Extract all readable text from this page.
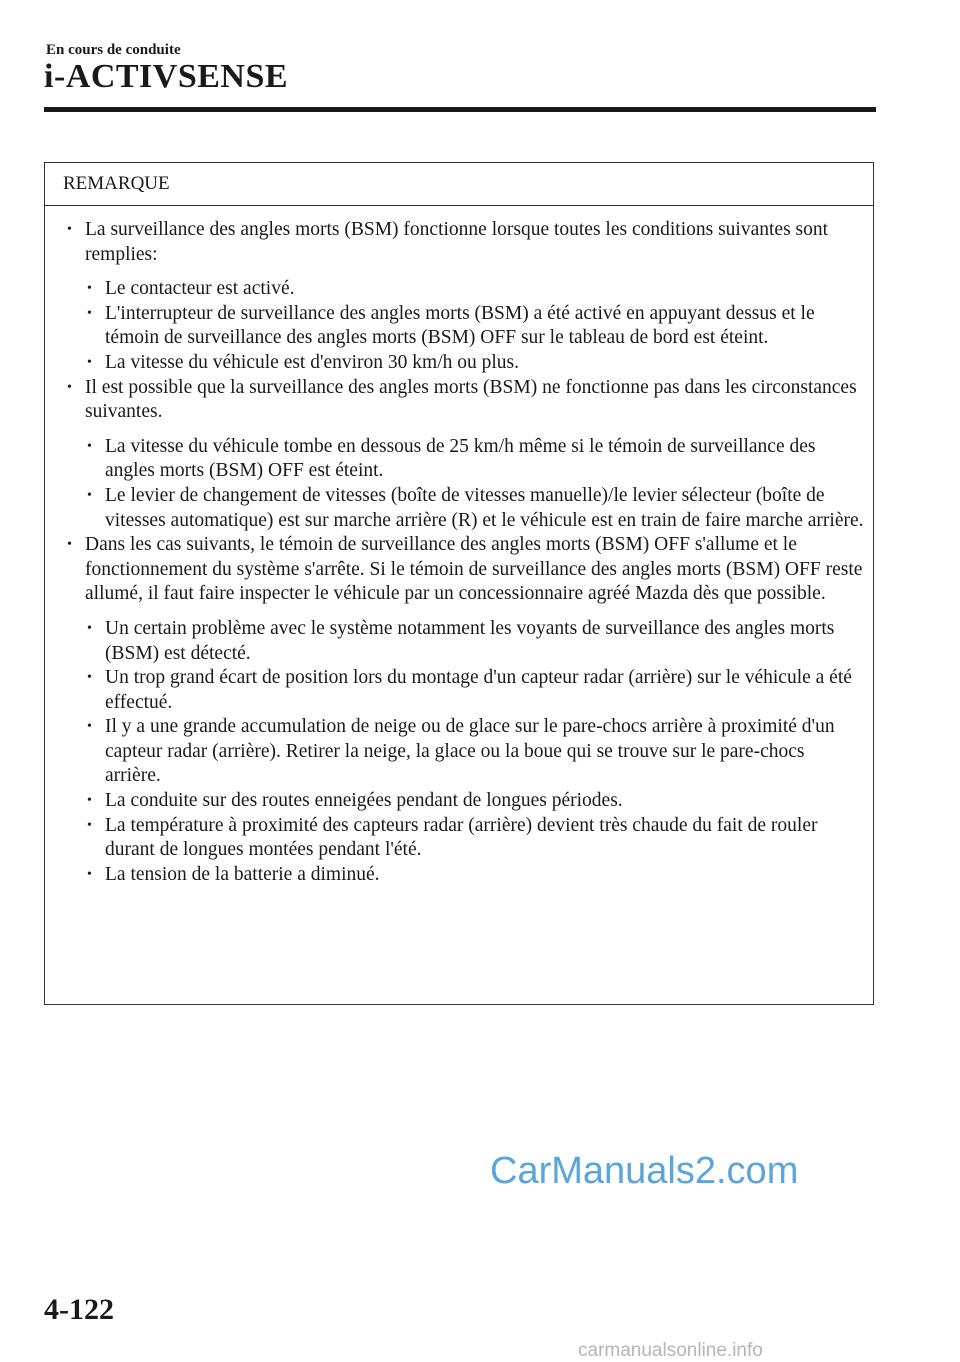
En cours de conduite
i-ACTIVSENSE
REMARQUE
• La surveillance des angles morts (BSM) fonctionne lorsque toutes les conditions suivantes sont remplies:
• Le contacteur est activé.
• L'interrupteur de surveillance des angles morts (BSM) a été activé en appuyant dessus et le témoin de surveillance des angles morts (BSM) OFF sur le tableau de bord est éteint.
• La vitesse du véhicule est d'environ 30 km/h ou plus.
• Il est possible que la surveillance des angles morts (BSM) ne fonctionne pas dans les circonstances suivantes.
• La vitesse du véhicule tombe en dessous de 25 km/h même si le témoin de surveillance des angles morts (BSM) OFF est éteint.
• Le levier de changement de vitesses (boîte de vitesses manuelle)/le levier sélecteur (boîte de vitesses automatique) est sur marche arrière (R) et le véhicule est en train de faire marche arrière.
• Dans les cas suivants, le témoin de surveillance des angles morts (BSM) OFF s'allume et le fonctionnement du système s'arrête. Si le témoin de surveillance des angles morts (BSM) OFF reste allumé, il faut faire inspecter le véhicule par un concessionnaire agréé Mazda dès que possible.
• Un certain problème avec le système notamment les voyants de surveillance des angles morts (BSM) est détecté.
• Un trop grand écart de position lors du montage d'un capteur radar (arrière) sur le véhicule a été effectué.
• Il y a une grande accumulation de neige ou de glace sur le pare-chocs arrière à proximité d'un capteur radar (arrière). Retirer la neige, la glace ou la boue qui se trouve sur le pare-chocs arrière.
• La conduite sur des routes enneigées pendant de longues périodes.
• La température à proximité des capteurs radar (arrière) devient très chaude du fait de rouler durant de longues montées pendant l'été.
• La tension de la batterie a diminué.
CarManuals2.com
4-122
carmanualsonline.info
